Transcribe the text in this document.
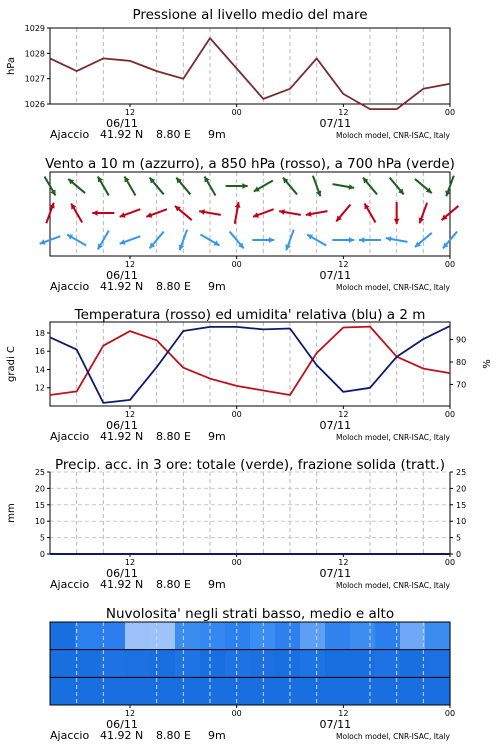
Pressione al livello medio del mare
12	00	12	00
06/11	07/11
Ajaccio 41.92 N 8.80 E 9m	Moloch model, CNR-ISAC, Italy
1026
1027
1028
1029
hPa
Vento a 10 m (azzurro), a 850 hPa (rosso), a 700 hPa (verde)
12	00	12	00
06/11	07/11
Ajaccio 41.92 N 8.80 E 9m	Moloch model, CNR-ISAC, Italy
Temperatura (rosso) ed umidita' relativa (blu) a 2 m
12	00	12	00
06/11	07/11
Ajaccio 41.92 N 8.80 E 9m	Moloch model, CNR-ISAC, Italy
12
14
16
18
70
80
90
gradi C	%
Precip. acc. in 3 ore: totale (verde), frazione solida (tratt.)
12	00	12	00
06/11	07/11
Ajaccio 41.92 N 8.80 E 9m	Moloch model, CNR-ISAC, Italy
0
5
10
15
20
25
0
5
10
15
20
25
mm
Nuvolosita' negli strati basso, medio e alto
12	00	12	00
06/11	07/11
Ajaccio 41.92 N 8.80 E 9m	Moloch model, CNR-ISAC, Italy
